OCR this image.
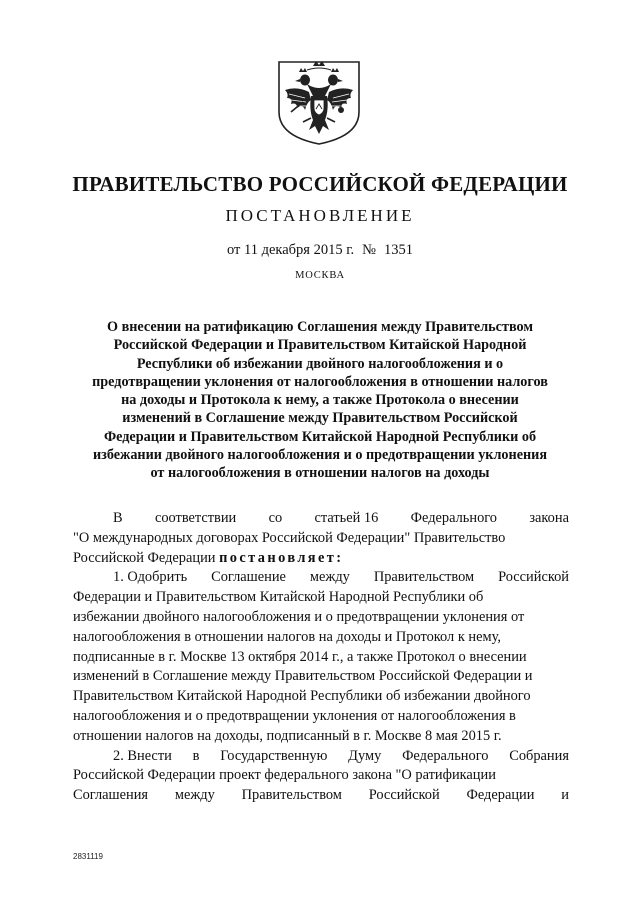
ПРАВИТЕЛЬСТВО РОССИЙСКОЙ ФЕДЕРАЦИИ
ПОСТАНОВЛЕНИЕ
от 11 декабря 2015 г. № 1351
МОСКВА
О внесении на ратификацию Соглашения между Правительством
Российской Федерации и Правительством Китайской Народной
Республики об избежании двойного налогообложения и о
предотвращении уклонения от налогообложения в отношении налогов
на доходы и Протокола к нему, а также Протокола о внесении
изменений в Соглашение между Правительством Российской
Федерации и Правительством Китайской Народной Республики об
избежании двойного налогообложения и о предотвращении уклонения
от налогообложения в отношении налогов на доходы
В соответствии со статьей 16 Федерального закона
"О международных договорах Российской Федерации" Правительство
Российской Федерации постановляет:
1. Одобрить Соглашение между Правительством Российской
Федерации и Правительством Китайской Народной Республики об
избежании двойного налогообложения и о предотвращении уклонения от
налогообложения в отношении налогов на доходы и Протокол к нему,
подписанные в г. Москве 13 октября 2014 г., а также Протокол о внесении
изменений в Соглашение между Правительством Российской Федерации и
Правительством Китайской Народной Республики об избежании двойного
налогообложения и о предотвращении уклонения от налогообложения в
отношении налогов на доходы, подписанный в г. Москве 8 мая 2015 г.
2. Внести в Государственную Думу Федерального Собрания
Российской Федерации проект федерального закона "О ратификации
Соглашения между Правительством Российской Федерации и
2831119
